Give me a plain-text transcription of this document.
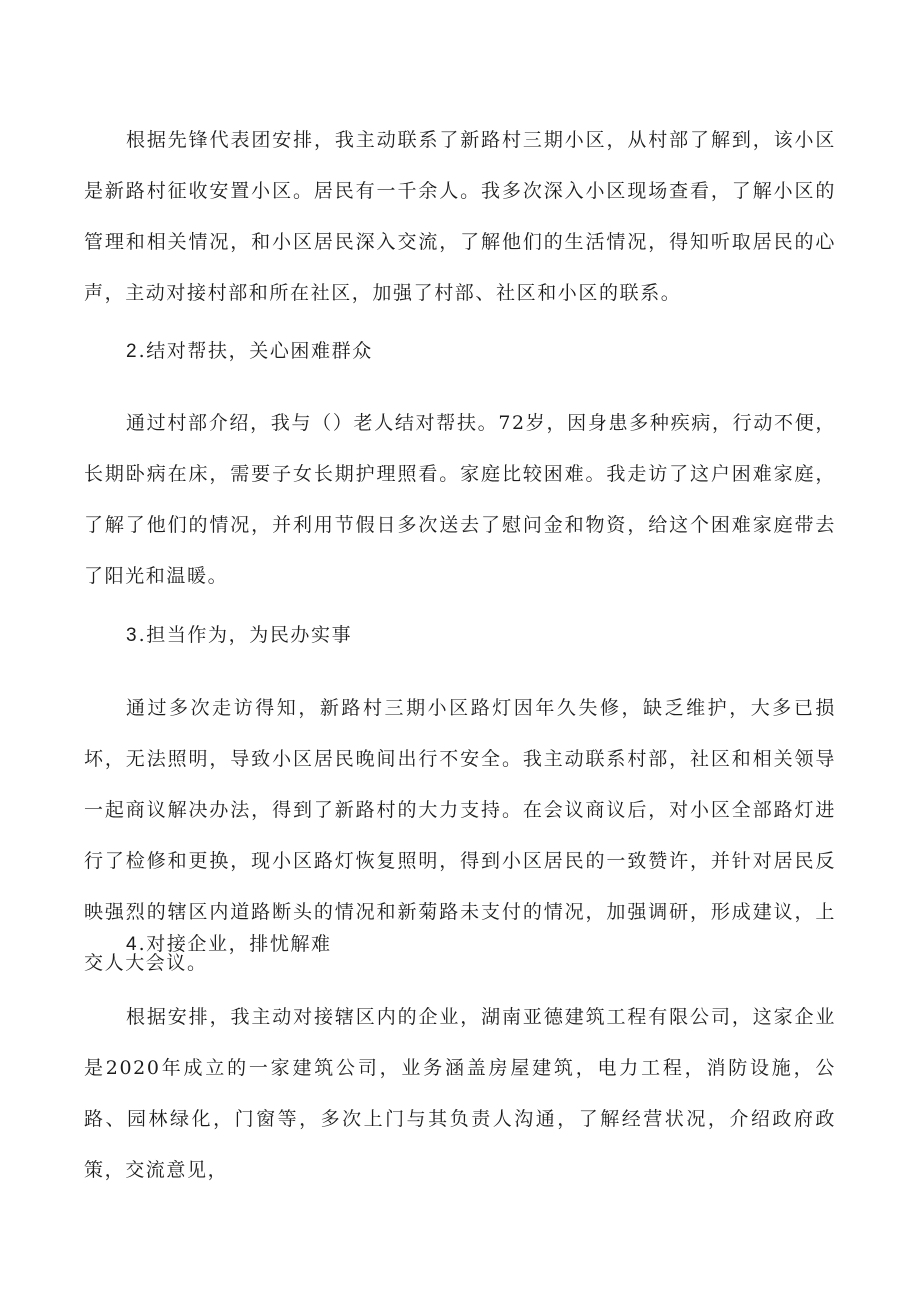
根据先锋代表团安排，我主动联系了新路村三期小区，从村部了解到，该小区是新路村征收安置小区。居民有一千余人。我多次深入小区现场查看，了解小区的管理和相关情况，和小区居民深入交流，了解他们的生活情况，得知听取居民的心声，主动对接村部和所在社区，加强了村部、社区和小区的联系。

2 .结对帮扶，关心困难群众

通过村部介绍，我与（）老人结对帮扶。72岁，因身患多种疾病，行动不便，长期卧病在床，需要子女长期护理照看。家庭比较困难。我走访了这户困难家庭，了解了他们的情况，并利用节假日多次送去了慰问金和物资，给这个困难家庭带去了阳光和温暖。

3 .担当作为，为民办实事

通过多次走访得知，新路村三期小区路灯因年久失修，缺乏维护，大多已损坏，无法照明，导致小区居民晚间出行不安全。我主动联系村部，社区和相关领导一起商议解决办法，得到了新路村的大力支持。在会议商议后，对小区全部路灯进行了检修和更换，现小区路灯恢复照明，得到小区居民的一致赞许，并针对居民反映强烈的辖区内道路断头的情况和新菊路未支付的情况，加强调研，形成建议，上交人大会议。

4 .对接企业，排忧解难

根据安排，我主动对接辖区内的企业，湖南亚德建筑工程有限公司，这家企业是2020年成立的一家建筑公司，业务涵盖房屋建筑，电力工程，消防设施，公路、园林绿化，门窗等，多次上门与其负责人沟通，了解经营状况，介绍政府政策，交流意见，
